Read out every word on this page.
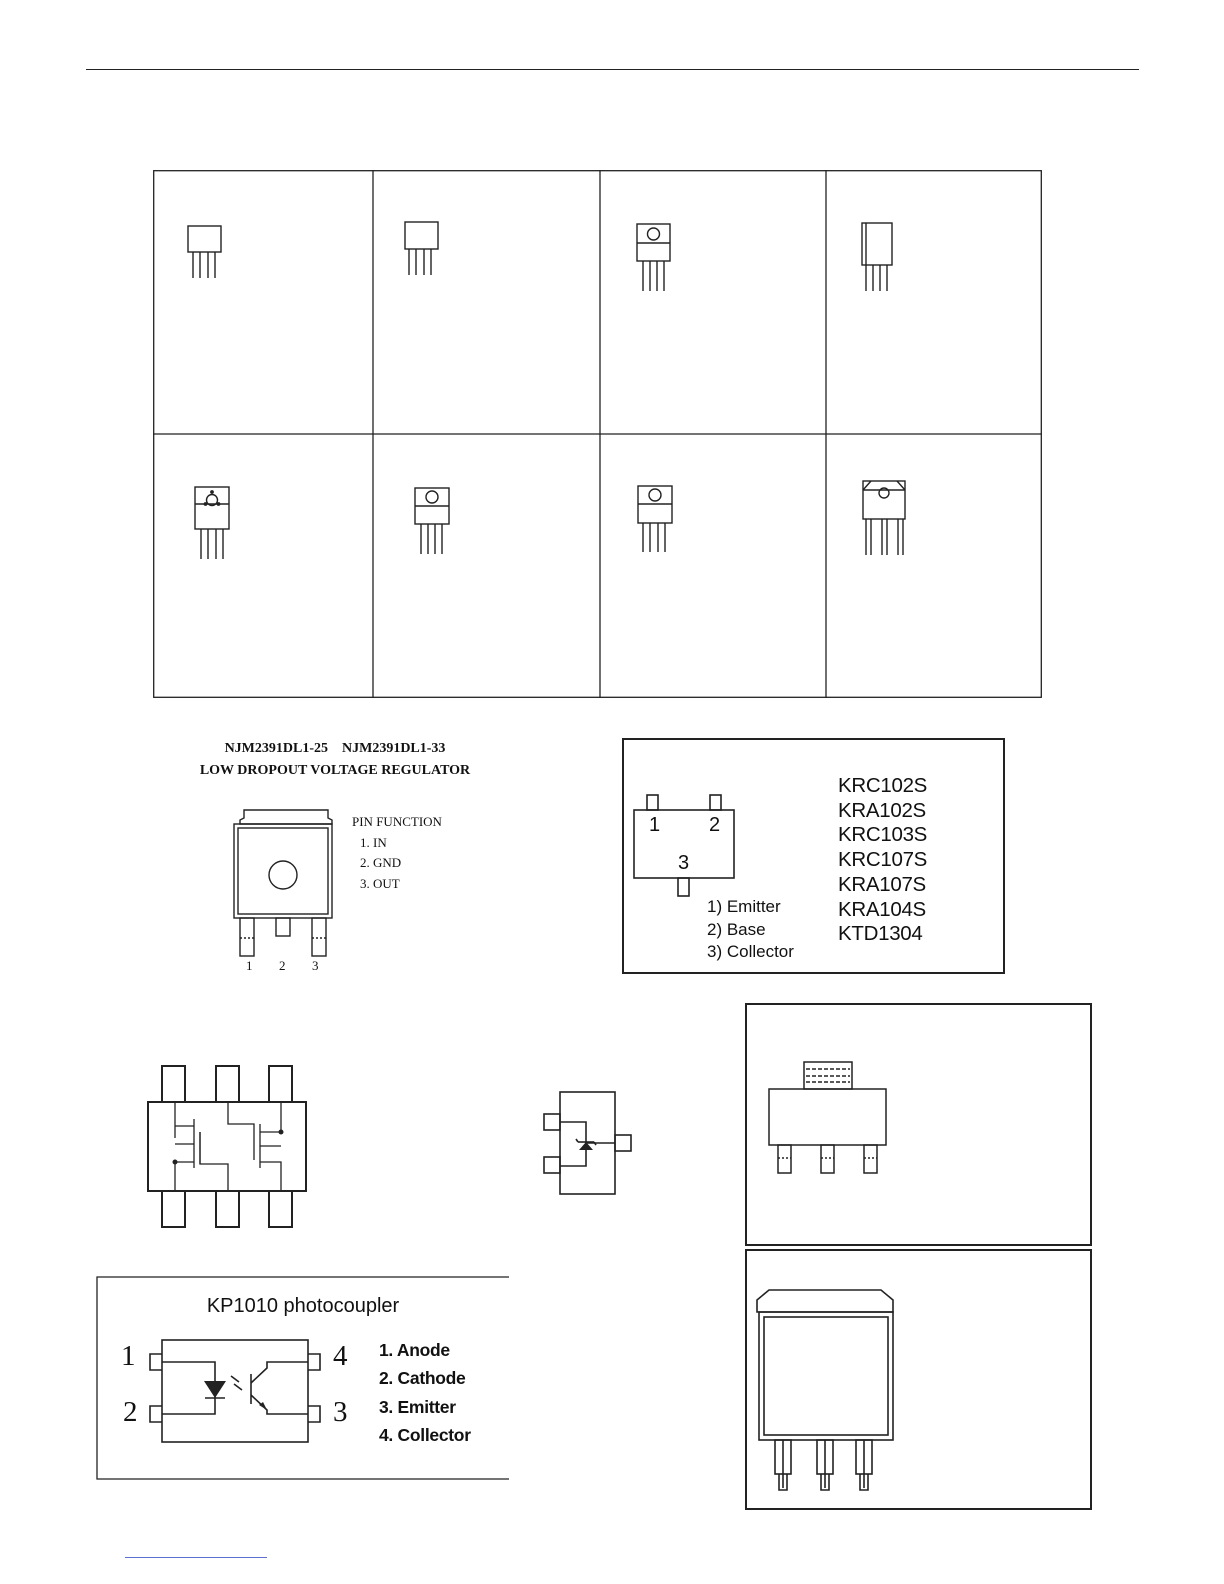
NJM2391DL1-25    NJM2391DL1-33
LOW DROPOUT VOLTAGE REGULATOR
PIN FUNCTION
1. IN
2. GND
3. OUT
1 2 3
1 2
3
1) Emitter
2) Base
3) Collector
KRC102S
KRA102S
KRC103S
KRC107S
KRA107S
KRA104S
KTD1304
KP1010 photocoupler
1
2	3
4 1. Anode
2. Cathode
3. Emitter
4. Collector
